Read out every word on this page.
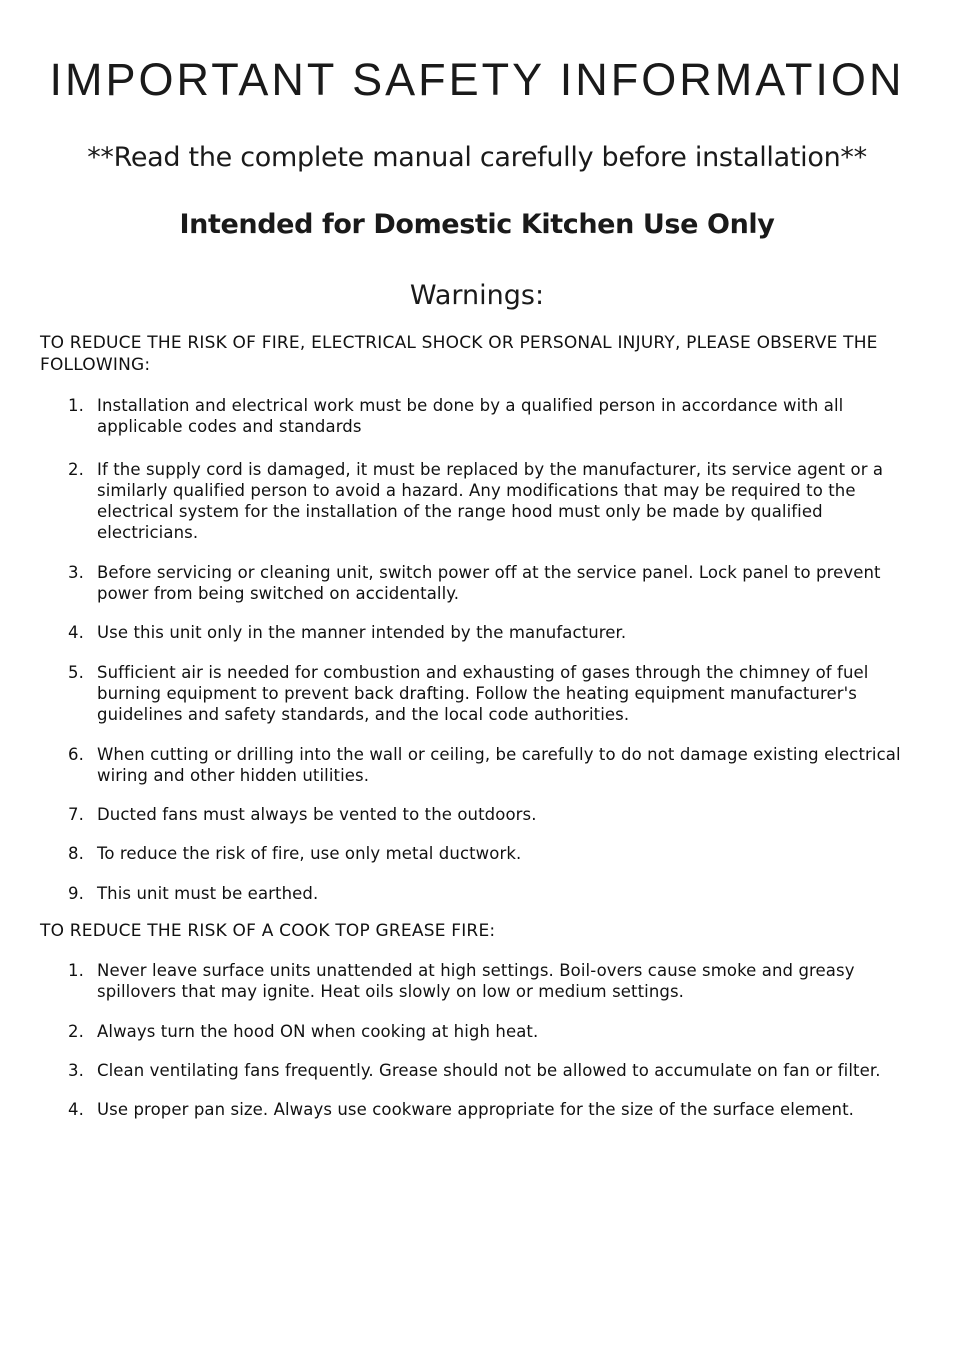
IMPORTANT SAFETY INFORMATION

**Read the complete manual carefully before installation**

Intended for Domestic Kitchen Use Only

Warnings:

TO REDUCE THE RISK OF FIRE, ELECTRICAL SHOCK OR PERSONAL INJURY, PLEASE OBSERVE THE FOLLOWING:

1. Installation and electrical work must be done by a qualified person in accordance with all applicable codes and standards
2. If the supply cord is damaged, it must be replaced by the manufacturer, its service agent or a similarly qualified person to avoid a hazard. Any modifications that may be required to the electrical system for the installation of the range hood must only be made by qualified electricians.
3. Before servicing or cleaning unit, switch power off at the service panel. Lock panel to prevent power from being switched on accidentally.
4. Use this unit only in the manner intended by the manufacturer.
5. Sufficient air is needed for combustion and exhausting of gases through the chimney of fuel burning equipment to prevent back drafting. Follow the heating equipment manufacturer's guidelines and safety standards, and the local code authorities.
6. When cutting or drilling into the wall or ceiling, be carefully to do not damage existing electrical wiring and other hidden utilities.
7. Ducted fans must always be vented to the outdoors.
8. To reduce the risk of fire, use only metal ductwork.
9. This unit must be earthed.

TO REDUCE THE RISK OF A COOK TOP GREASE FIRE:

1. Never leave surface units unattended at high settings. Boil-overs cause smoke and greasy spillovers that may ignite. Heat oils slowly on low or medium settings.
2. Always turn the hood ON when cooking at high heat.
3. Clean ventilating fans frequently. Grease should not be allowed to accumulate on fan or filter.
4. Use proper pan size. Always use cookware appropriate for the size of the surface element.
